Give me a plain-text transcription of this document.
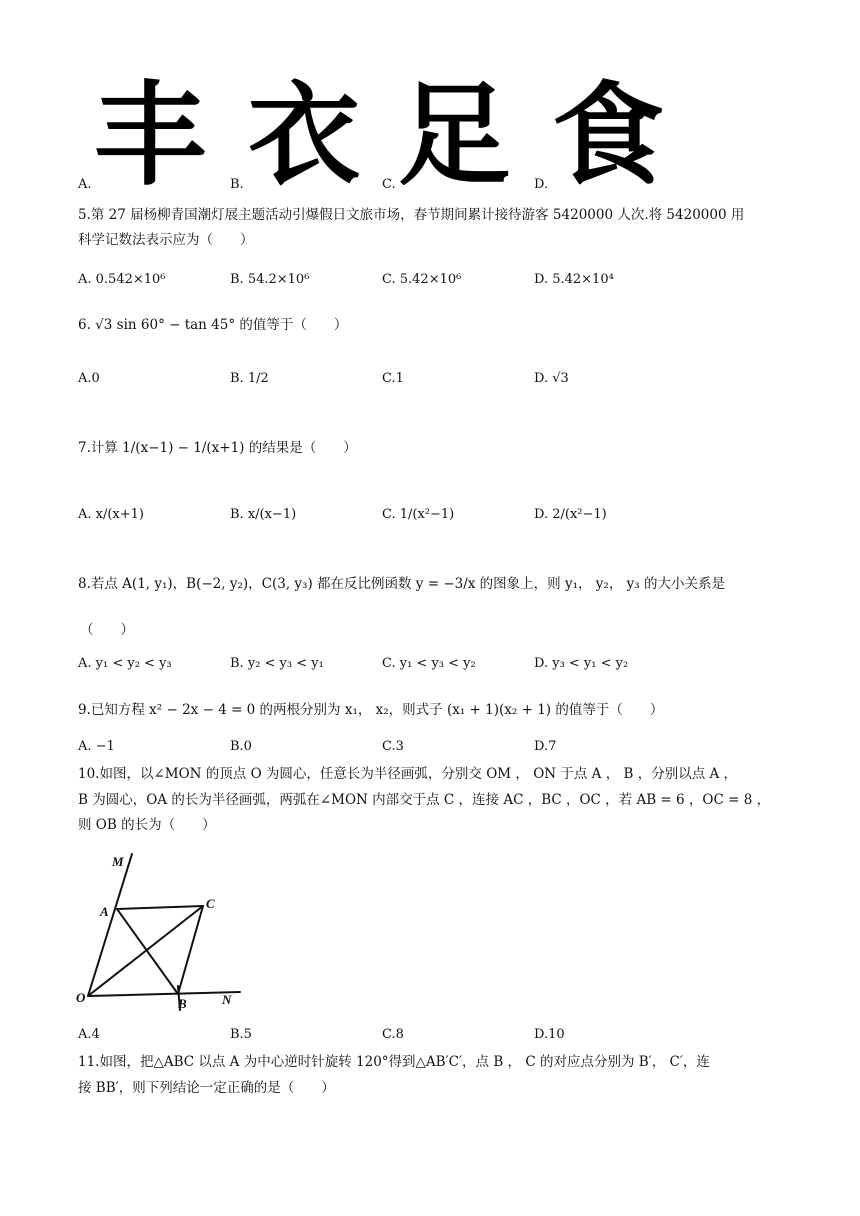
丰 衣 足 食
A.	B.	C.	D.
5.第 27 届杨柳青国潮灯展主题活动引爆假日文旅市场，春节期间累计接待游客 5420000 人次.将 5420000 用
科学记数法表示应为（　　）
A. 0.542×10⁶	B. 54.2×10⁶	C. 5.42×10⁶	D. 5.42×10⁴
6. √3 sin 60° − tan 45° 的值等于（　　）
A.0	B. 1/2	C.1	D. √3
7.计算 1/(x−1) − 1/(x+1) 的结果是（　　）
A. x/(x+1)	B. x/(x−1)	C. 1/(x²−1)	D. 2/(x²−1)
8.若点 A(1, y₁)，B(−2, y₂)，C(3, y₃) 都在反比例函数 y = −3/x 的图象上，则 y₁， y₂， y₃ 的大小关系是
（　　）
A. y₁ < y₂ < y₃	B. y₂ < y₃ < y₁	C. y₁ < y₃ < y₂	D. y₃ < y₁ < y₂
9.已知方程 x² − 2x − 4 = 0 的两根分别为 x₁， x₂，则式子 (x₁ + 1)(x₂ + 1) 的值等于（　　）
A. −1	B.0	C.3	D.7
10.如图，以∠MON 的顶点 O 为圆心，任意长为半径画弧，分别交 OM ， ON 于点 A ， B ，分别以点 A ，
B 为圆心，OA 的长为半径画弧，两弧在∠MON 内部交于点 C ，连接 AC ，BC ，OC ，若 AB = 6 ，OC = 8 ，
则 OB 的长为（　　）
M
A
C
O	B	N
A.4	B.5	C.8	D.10
11.如图，把△ABC 以点 A 为中心逆时针旋转 120°得到△AB′C′，点 B ， C 的对应点分别为 B′， C′，连
接 BB′，则下列结论一定正确的是（　　）
